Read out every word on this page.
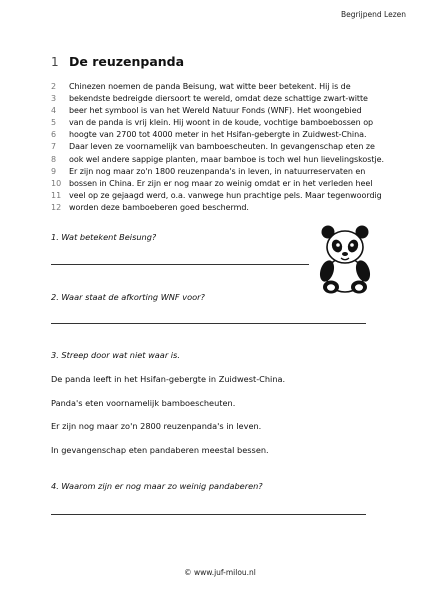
Begrijpend Lezen
1 De reuzenpanda
2	Chinezen noemen de panda Beisung, wat witte beer betekent. Hij is de
3	bekendste bedreigde diersoort te wereld, omdat deze schattige zwart-witte
4	beer het symbool is van het Wereld Natuur Fonds (WNF). Het woongebied
5	van de panda is vrij klein. Hij woont in de koude, vochtige bamboebossen op
6	hoogte van 2700 tot 4000 meter in het Hsifan-gebergte in Zuidwest-China.
7	Daar leven ze voornamelijk van bamboescheuten. In gevangenschap eten ze
8	ook wel andere sappige planten, maar bamboe is toch wel hun lievelingskostje.
9	Er zijn nog maar zo'n 1800 reuzenpanda's in leven, in natuurreservaten en
10 bossen in China. Er zijn er nog maar zo weinig omdat er in het verleden heel
11 veel op ze gejaagd werd, o.a. vanwege hun prachtige pels. Maar tegenwoordig
12 worden deze bamboeberen goed beschermd.
1. Wat betekent Beisung?
2. Waar staat de afkorting WNF voor?
3. Streep door wat niet waar is.
De panda leeft in het Hsifan-gebergte in Zuidwest-China.
Panda's eten voornamelijk bamboescheuten.
Er zijn nog maar zo'n 2800 reuzenpanda's in leven.
In gevangenschap eten pandaberen meestal bessen.
4. Waarom zijn er nog maar zo weinig pandaberen?
© www.juf-milou.nl
